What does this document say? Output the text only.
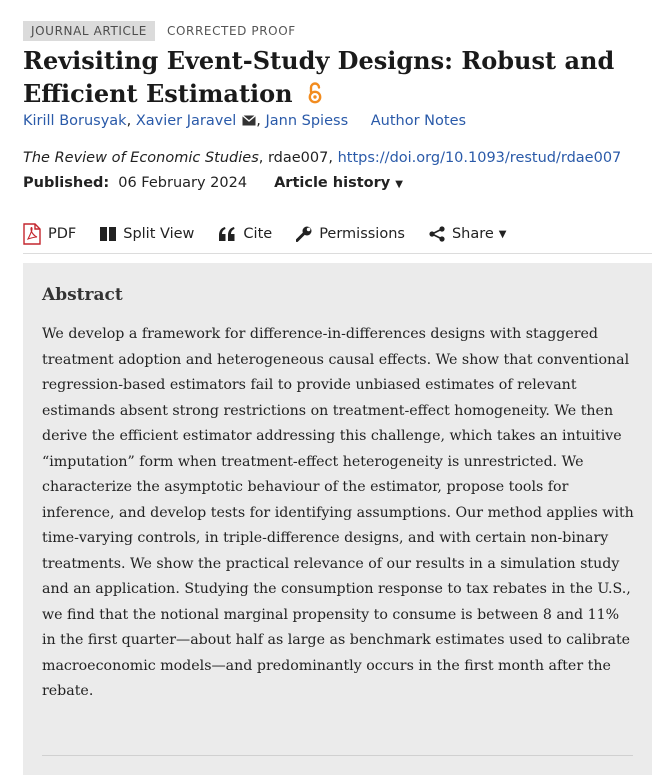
JOURNAL ARTICLE	CORRECTED PROOF
Revisiting Event-Study Designs: Robust and
Efficient Estimation
Kirill Borusyak, Xavier Jaravel , Jann Spiess Author Notes
The Review of Economic Studies, rdae007, https://doi.org/10.1093/restud/rdae007
Published: 06 February 2024 Article history ▼
PDF	Split View	Cite	Permissions	Share ▼
Abstract

We develop a framework for difference-in-differences designs with staggered treatment adoption and heterogeneous causal effects. We show that conventional regression-based estimators fail to provide unbiased estimates of relevant estimands absent strong restrictions on treatment-effect homogeneity. We then derive the efficient estimator addressing this challenge, which takes an intuitive “imputation” form when treatment-effect heterogeneity is unrestricted. We characterize the asymptotic behaviour of the estimator, propose tools for inference, and develop tests for identifying assumptions. Our method applies with time-varying controls, in triple-difference designs, and with certain non-binary treatments. We show the practical relevance of our results in a simulation study and an application. Studying the consumption response to tax rebates in the U.S., we find that the notional marginal propensity to consume is between 8 and 11% in the first quarter—about half as large as benchmark estimates used to calibrate macroeconomic models—and predominantly occurs in the first month after the rebate.
